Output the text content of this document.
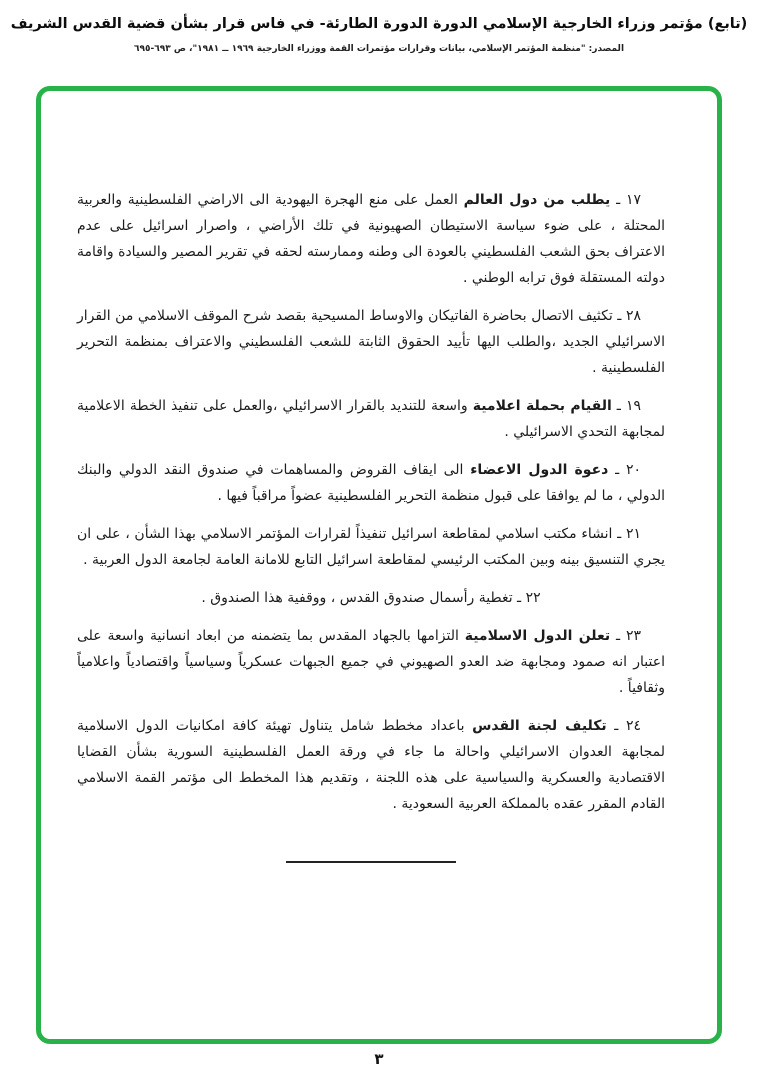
(تابع) مؤتمر وزراء الخارجية الإسلامي الدورة الدورة الطارئة- في فاس قرار بشأن قضية القدس الشريف
المصدر: "منظمة المؤتمر الإسلامي، بيانات وقرارات مؤتمرات القمة ووزراء الخارجية ١٩٦٩ ــ ١٩٨١"، ص ٦٩٣-٦٩٥

١٧ ـ يطلب من دول العالم العمل على منع الهجرة اليهودية الى الاراضي الفلسطينية والعربية المحتلة ، على ضوء سياسة الاستيطان الصهيونية في تلك الأراضي ، واصرار اسرائيل على عدم الاعتراف بحق الشعب الفلسطيني بالعودة الى وطنه وممارسته لحقه في تقرير المصير والسيادة واقامة دولته المستقلة فوق ترابه الوطني .

٢٨ ـ تكثيف الاتصال بحاضرة الفاتيكان والاوساط المسيحية بقصد شرح الموقف الاسلامي من القرار الاسرائيلي الجديد ،والطلب اليها تأييد الحقوق الثابتة للشعب الفلسطيني والاعتراف بمنظمة التحرير الفلسطينية .

١٩ ـ القيام بحملة اعلامية واسعة للتنديد بالقرار الاسرائيلي ،والعمل على تنفيذ الخطة الاعلامية لمجابهة التحدي الاسرائيلي .

٢٠ ـ دعوة الدول الاعضاء الى ايقاف القروض والمساهمات في صندوق النقد الدولي والبنك الدولي ، ما لم يوافقا على قبول منظمة التحرير الفلسطينية عضواً مراقباً فيها .

٢١ ـ انشاء مكتب اسلامي لمقاطعة اسرائيل تنفيذاً لقرارات المؤتمر الاسلامي بهذا الشأن ، على ان يجري التنسيق بينه وبين المكتب الرئيسي لمقاطعة اسرائيل التابع للامانة العامة لجامعة الدول العربية .

٢٢ ـ تغطية رأسمال صندوق القدس ، ووقفية هذا الصندوق .

٢٣ ـ تعلن الدول الاسلامية التزامها بالجهاد المقدس بما يتضمنه من ابعاد انسانية واسعة على اعتبار انه صمود ومجابهة ضد العدو الصهيوني في جميع الجبهات عسكرياً وسياسياً واقتصادياً واعلامياً وثقافياً .

٢٤ ـ تكليف لجنة القدس باعداد مخطط شامل يتناول تهيئة كافة امكانيات الدول الاسلامية لمجابهة العدوان الاسرائيلي واحالة ما جاء في ورقة العمل الفلسطينية السورية بشأن القضايا الاقتصادية والعسكرية والسياسية على هذه اللجنة ، وتقديم هذا المخطط الى مؤتمر القمة الاسلامي القادم المقرر عقده بالمملكة العربية السعودية .

٣
